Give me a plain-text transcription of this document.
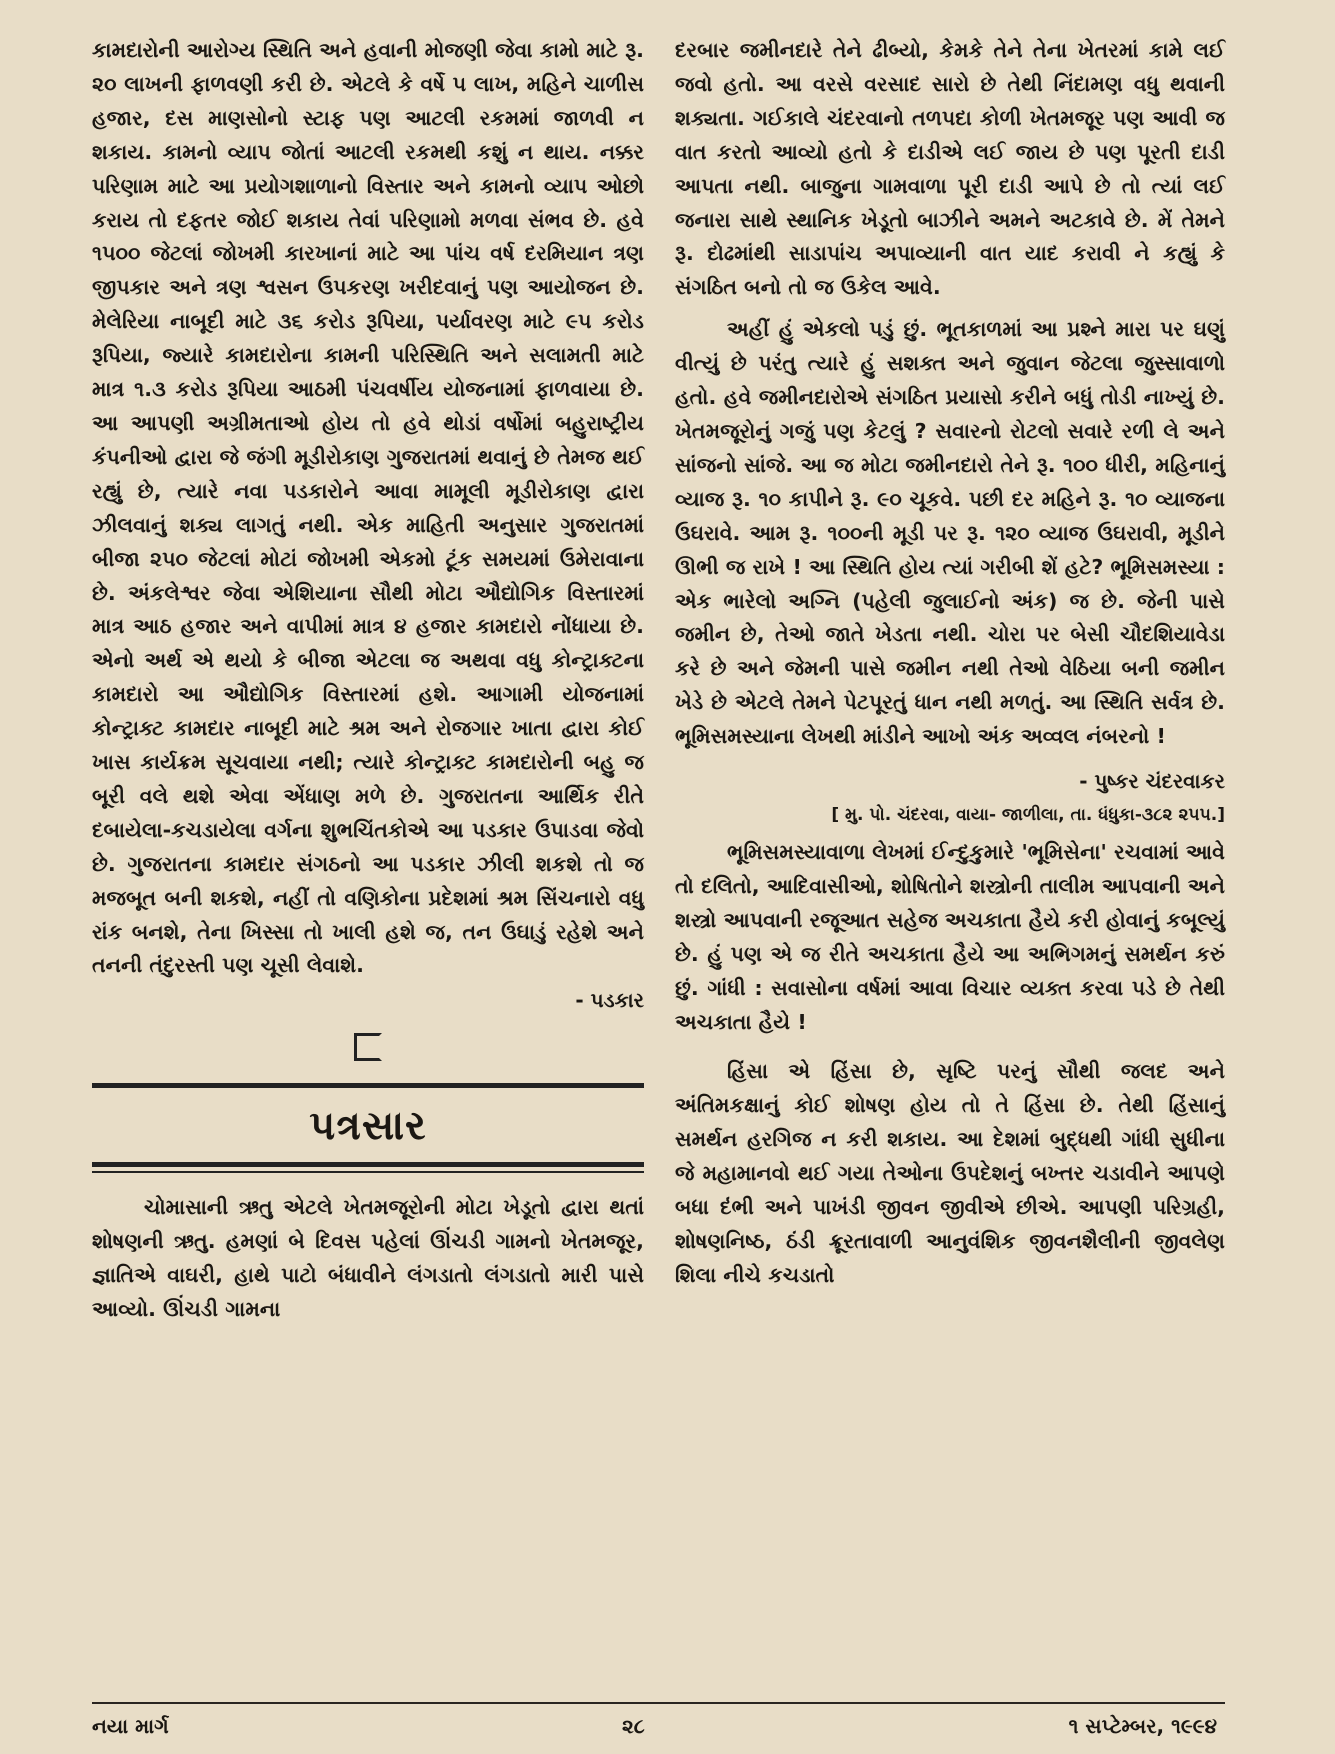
કામદારોની આરોગ્ય સ્થિતિ અને હવાની મોજણી જેવા કામો માટે રૂ. ૨૦ લાખની ફાળવણી કરી છે. એટલે કે વર્ષે ૫ લાખ, મહિને ચાળીસ હજાર, દસ માણસોનો સ્ટાફ પણ આટલી રકમમાં જાળવી ન શકાય. કામનો વ્યાપ જોતાં આટલી રકમથી કશું ન થાય. નક્કર પરિણામ માટે આ પ્રયોગશાળાનો વિસ્તાર અને કામનો વ્યાપ ઓછો કરાય તો દફતર જોઈ શકાય તેવાં પરિણામો મળવા સંભવ છે. હવે ૧૫૦૦ જેટલાં જોખમી કારખાનાં માટે આ પાંચ વર્ષ દરમિયાન ત્રણ જીપકાર અને ત્રણ શ્વસન ઉપકરણ ખરીદવાનું પણ આયોજન છે. મેલેરિયા નાબૂદી માટે ૩૬ કરોડ રૂપિયા, પર્યાવરણ માટે ૯૫ કરોડ રૂપિયા, જ્યારે કામદારોના કામની પરિસ્થિતિ અને સલામતી માટે માત્ર ૧.૩ કરોડ રૂપિયા આઠમી પંચવર્ષીય યોજનામાં ફાળવાયા છે. આ આપણી અગ્રીમતાઓ હોય તો હવે થોડાં વર્ષોમાં બહુરાષ્ટ્રીય કંપનીઓ દ્વારા જે જંગી મૂડીરોકાણ ગુજરાતમાં થવાનું છે તેમજ થઈ રહ્યું છે, ત્યારે નવા પડકારોને આવા મામૂલી મૂડીરોકાણ દ્વારા ઝીલવાનું શક્ય લાગતું નથી. એક માહિતી અનુસાર ગુજરાતમાં બીજા ૨૫૦ જેટલાં મોટાં જોખમી એકમો ટૂંક સમયમાં ઉમેરાવાના છે. અંકલેશ્વર જેવા એશિયાના સૌથી મોટા ઔદ્યોગિક વિસ્તારમાં માત્ર આઠ હજાર અને વાપીમાં માત્ર ૪ હજાર કામદારો નોંધાયા છે. એનો અર્થ એ થયો કે બીજા એટલા જ અથવા વધુ કોન્ટ્રાક્ટના કામદારો આ ઔદ્યોગિક વિસ્તારમાં હશે. આગામી યોજનામાં કોન્ટ્રાક્ટ કામદાર નાબૂદી માટે શ્રમ અને રોજગાર ખાતા દ્વારા કોઈ ખાસ કાર્યક્રમ સૂચવાયા નથી; ત્યારે કોન્ટ્રાક્ટ કામદારોની બહુ જ બૂરી વલે થશે એવા એંધાણ મળે છે. ગુજરાતના આર્થિક રીતે દબાયેલા-કચડાયેલા વર્ગના શુભચિંતકોએ આ પડકાર ઉપાડવા જેવો છે. ગુજરાતના કામદાર સંગઠનો આ પડકાર ઝીલી શકશે તો જ મજબૂત બની શકશે, નહીં તો વણિકોના પ્રદેશમાં શ્રમ સિંચનારો વધુ રાંક બનશે, તેના ખિસ્સા તો ખાલી હશે જ, તન ઉઘાડું રહેશે અને તનની તંદુરસ્તી પણ ચૂસી લેવાશે.

- પડકાર
પત્રસાર

ચોમાસાની ઋતુ એટલે ખેતમજૂરોની મોટા ખેડૂતો દ્વારા થતાં શોષણની ઋતુ. હમણાં બે દિવસ પહેલાં ઊંચડી ગામનો ખેતમજૂર, જ્ઞાતિએ વાઘરી, હાથે પાટો બંધાવીને લંગડાતો લંગડાતો મારી પાસે આવ્યો. ઊંચડી ગામના

દરબાર જમીનદારે તેને ઢીબ્યો, કેમકે તેને તેના ખેતરમાં કામે લઈ જવો હતો. આ વરસે વરસાદ સારો છે તેથી નિંદામણ વધુ થવાની શક્યતા. ગઈકાલે ચંદરવાનો તળપદા કોળી ખેતમજૂર પણ આવી જ વાત કરતો આવ્યો હતો કે દાડીએ લઈ જાય છે પણ પૂરતી દાડી આપતા નથી. બાજુના ગામવાળા પૂરી દાડી આપે છે તો ત્યાં લઈ જનારા સાથે સ્થાનિક ખેડૂતો બાઝીને અમને અટકાવે છે. મેં તેમને રૂ. દોઢમાંથી સાડાપાંચ અપાવ્યાની વાત યાદ કરાવી ને કહ્યું કે સંગઠિત બનો તો જ ઉકેલ આવે.

અહીં હું એકલો પડું છું. ભૂતકાળમાં આ પ્રશ્ને મારા પર ઘણું વીત્યું છે પરંતુ ત્યારે હું સશક્ત અને જુવાન જેટલા જુસ્સાવાળો હતો. હવે જમીનદારોએ સંગઠિત પ્રયાસો કરીને બધું તોડી નાખ્યું છે. ખેતમજૂરોનું ગજું પણ કેટલું ? સવારનો રોટલો સવારે રળી લે અને સાંજનો સાંજે. આ જ મોટા જમીનદારો તેને રૂ. ૧૦૦ ધીરી, મહિનાનું વ્યાજ રૂ. ૧૦ કાપીને રૂ. ૯૦ ચૂકવે. પછી દર મહિને રૂ. ૧૦ વ્યાજના ઉઘરાવે. આમ રૂ. ૧૦૦ની મૂડી પર રૂ. ૧૨૦ વ્યાજ ઉઘરાવી, મૂડીને ઊભી જ રાખે ! આ સ્થિતિ હોય ત્યાં ગરીબી શેં હટે? ભૂમિસમસ્યા : એક ભારેલો અગ્નિ (પહેલી જુલાઈનો અંક) જ છે. જેની પાસે જમીન છે, તેઓ જાતે ખેડતા નથી. ચોરા પર બેસી ચૌદશિયાવેડા કરે છે અને જેમની પાસે જમીન નથી તેઓ વેઠિયા બની જમીન ખેડે છે એટલે તેમને પેટપૂરતું ધાન નથી મળતું. આ સ્થિતિ સર્વત્ર છે. ભૂમિસમસ્યાના લેખથી માંડીને આખો અંક અવ્વલ નંબરનો !

- પુષ્કર ચંદરવાકર
[ મુ. પો. ચંદરવા, વાયા- જાળીલા, તા. ધંધુકા-૩૮૨ ૨૫૫.]

ભૂમિસમસ્યાવાળા લેખમાં ઈન્દુકુમારે 'ભૂમિસેના' રચવામાં આવે તો દલિતો, આદિવાસીઓ, શોષિતોને શસ્ત્રોની તાલીમ આપવાની અને શસ્ત્રો આપવાની રજૂઆત સહેજ અચકાતા હૈયે કરી હોવાનું કબૂલ્યું છે. હું પણ એ જ રીતે અચકાતા હૈયે આ અભિગમનું સમર્થન કરું છું. ગાંધી : સવાસોના વર્ષમાં આવા વિચાર વ્યક્ત કરવા પડે છે તેથી અચકાતા હૈયે !

હિંસા એ હિંસા છે, સૃષ્ટિ પરનું સૌથી જલદ અને અંતિમકક્ષાનું કોઈ શોષણ હોય તો તે હિંસા છે. તેથી હિંસાનું સમર્થન હરગિજ ન કરી શકાય. આ દેશમાં બુદ્ધથી ગાંધી સુધીના જે મહામાનવો થઈ ગયા તેઓના ઉપદેશનું બખ્તર ચડાવીને આપણે બધા દંભી અને પાખંડી જીવન જીવીએ છીએ. આપણી પરિગ્રહી, શોષણનિષ્ઠ, ઠંડી ક્રૂરતાવાળી આનુવંશિક જીવનશૈલીની જીવલેણ શિલા નીચે કચડાતો

નયા માર્ગ	૨૮	૧ સપ્ટેમ્બર, ૧૯૯૪
